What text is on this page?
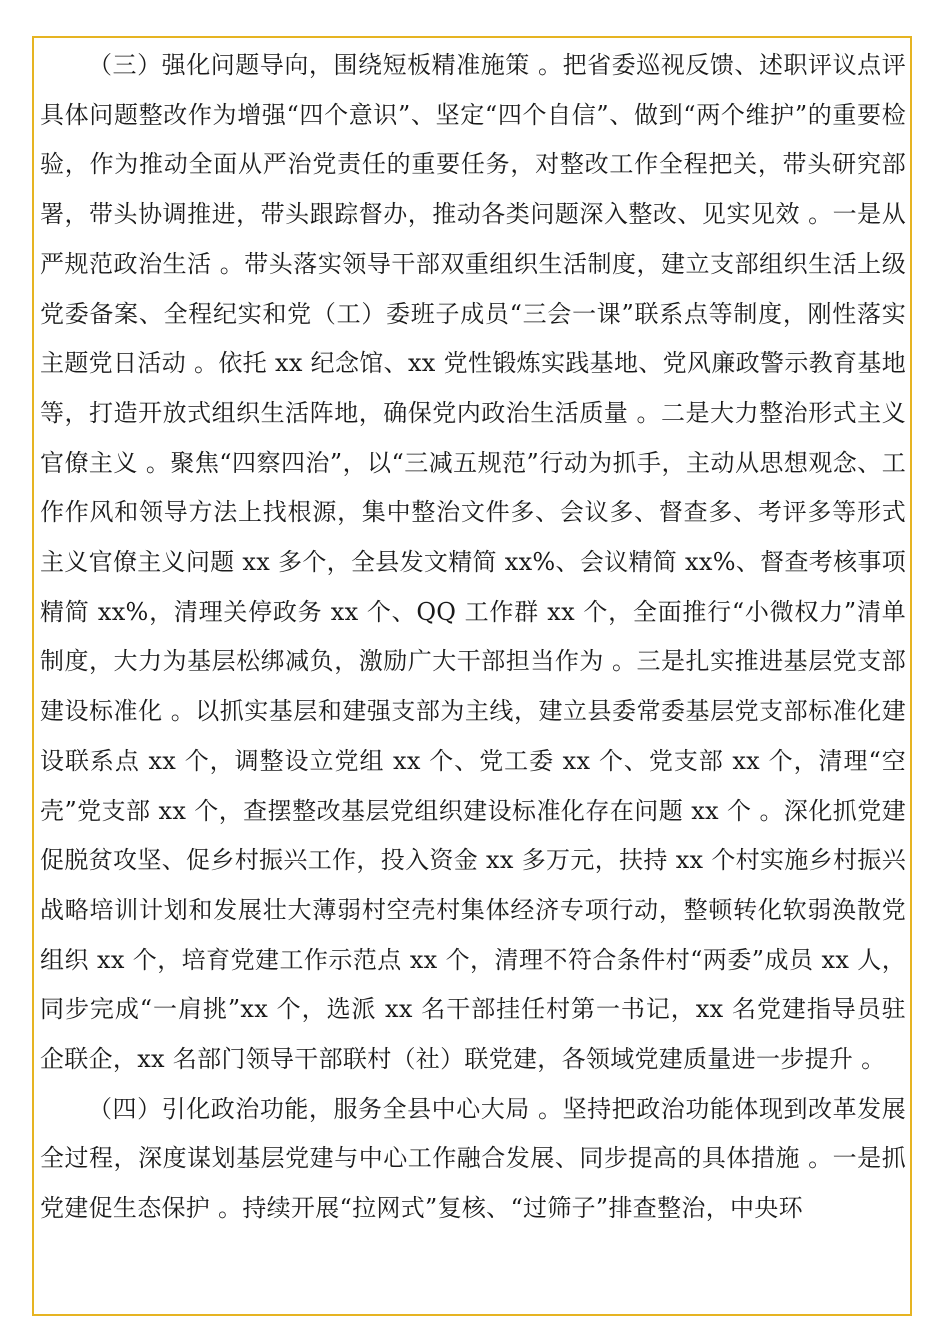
（三）强化问题导向，围绕短板精准施策 。把省委巡视反馈、述职评议点评具体问题整改作为增强“四个意识”、坚定“四个自信”、做到“两个维护”的重要检验，作为推动全面从严治党责任的重要任务，对整改工作全程把关，带头研究部署，带头协调推进，带头跟踪督办，推动各类问题深入整改、见实见效 。一是从严规范政治生活 。带头落实领导干部双重组织生活制度，建立支部组织生活上级党委备案、全程纪实和党（工）委班子成员“三会一课”联系点等制度，刚性落实主题党日活动 。依托 xx 纪念馆、xx 党性锻炼实践基地、党风廉政警示教育基地等，打造开放式组织生活阵地，确保党内政治生活质量 。二是大力整治形式主义官僚主义 。聚焦“四察四治”，以“三减五规范”行动为抓手，主动从思想观念、工作作风和领导方法上找根源，集中整治文件多、会议多、督查多、考评多等形式主义官僚主义问题 xx 多个，全县发文精简 xx%、会议精简 xx%、督查考核事项精简 xx%，清理关停政务 xx 个、QQ 工作群 xx 个，全面推行“小微权力”清单制度，大力为基层松绑减负，激励广大干部担当作为 。三是扎实推进基层党支部建设标准化 。以抓实基层和建强支部为主线，建立县委常委基层党支部标准化建设联系点 xx 个，调整设立党组 xx 个、党工委 xx 个、党支部 xx 个，清理“空壳”党支部 xx 个，查摆整改基层党组织建设标准化存在问题 xx 个 。深化抓党建促脱贫攻坚、促乡村振兴工作，投入资金 xx 多万元，扶持 xx 个村实施乡村振兴战略培训计划和发展壮大薄弱村空壳村集体经济专项行动，整顿转化软弱涣散党组织 xx 个，培育党建工作示范点 xx 个，清理不符合条件村“两委”成员 xx 人，同步完成“一肩挑”xx 个，选派 xx 名干部挂任村第一书记，xx 名党建指导员驻企联企，xx 名部门领导干部联村（社）联党建，各领域党建质量进一步提升 。

（四）引化政治功能，服务全县中心大局 。坚持把政治功能体现到改革发展全过程，深度谋划基层党建与中心工作融合发展、同步提高的具体措施 。一是抓党建促生态保护 。持续开展“拉网式”复核、“过筛子”排查整治，中央环
